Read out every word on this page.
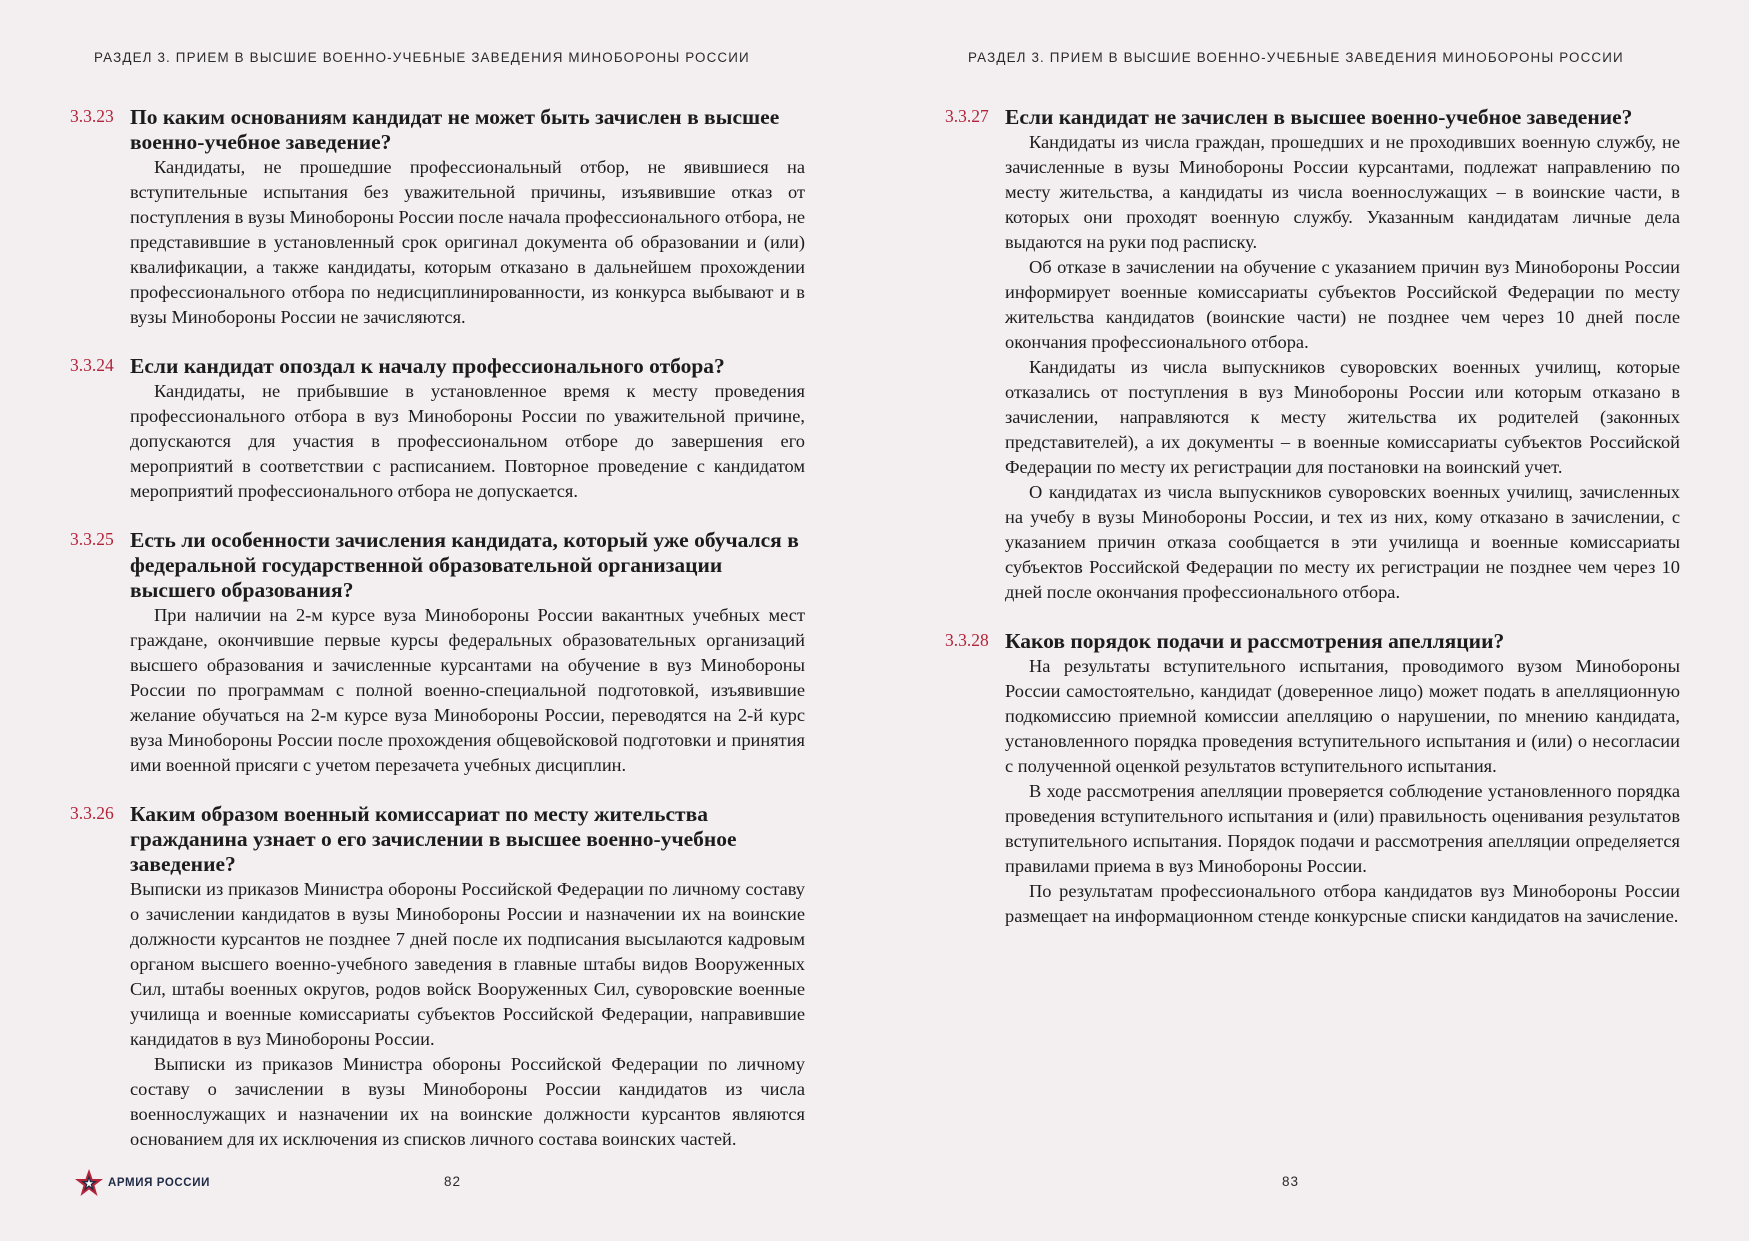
РАЗДЕЛ 3. ПРИЕМ В ВЫСШИЕ ВОЕННО-УЧЕБНЫЕ ЗАВЕДЕНИЯ МИНОБОРОНЫ РОССИИ
3.3.23 По каким основаниям кандидат не может быть зачислен в высшее военно-учебное заведение?

Кандидаты, не прошедшие профессиональный отбор, не явившиеся на вступительные испытания без уважительной причины, изъявившие отказ от поступления в вузы Минобороны России после начала профессионального отбора, не представившие в установленный срок оригинал документа об образовании и (или) квалификации, а также кандидаты, которым отказано в дальнейшем прохождении профессионального отбора по недисциплинированности, из конкурса выбывают и в вузы Минобороны России не зачисляются.

3.3.24 Если кандидат опоздал к началу профессионального отбора?

Кандидаты, не прибывшие в установленное время к месту проведения профессионального отбора в вуз Минобороны России по уважительной причине, допускаются для участия в профессиональном отборе до завершения его мероприятий в соответствии с расписанием. Повторное проведение с кандидатом мероприятий профессионального отбора не допускается.

3.3.25 Есть ли особенности зачисления кандидата, который уже обучался в федеральной государственной образовательной организации высшего образования?

При наличии на 2-м курсе вуза Минобороны России вакантных учебных мест граждане, окончившие первые курсы федеральных образовательных организаций высшего образования и зачисленные курсантами на обучение в вуз Минобороны России по программам с полной военно-специальной подготовкой, изъявившие желание обучаться на 2-м курсе вуза Минобороны России, переводятся на 2-й курс вуза Минобороны России после прохождения общевойсковой подготовки и принятия ими военной присяги с учетом перезачета учебных дисциплин.

3.3.26 Каким образом военный комиссариат по месту жительства гражданина узнает о его зачислении в высшее военно-учебное заведение?

Выписки из приказов Министра обороны Российской Федерации по личному составу о зачислении кандидатов в вузы Минобороны России и назначении их на воинские должности курсантов не позднее 7 дней после их подписания высылаются кадровым органом высшего военно-учебного заведения в главные штабы видов Вооруженных Сил, штабы военных округов, родов войск Вооруженных Сил, суворовские военные училища и военные комиссариаты субъектов Российской Федерации, направившие кандидатов в вуз Минобороны России.

Выписки из приказов Министра обороны Российской Федерации по личному составу о зачислении в вузы Минобороны России кандидатов из числа военнослужащих и назначении их на воинские должности курсантов являются основанием для их исключения из списков личного состава воинских частей.

АРМИЯ РОССИИ	82
РАЗДЕЛ 3. ПРИЕМ В ВЫСШИЕ ВОЕННО-УЧЕБНЫЕ ЗАВЕДЕНИЯ МИНОБОРОНЫ РОССИИ
3.3.27 Если кандидат не зачислен в высшее военно-учебное заведение?

Кандидаты из числа граждан, прошедших и не проходивших военную службу, не зачисленные в вузы Минобороны России курсантами, подлежат направлению по месту жительства, а кандидаты из числа военнослужащих – в воинские части, в которых они проходят военную службу. Указанным кандидатам личные дела выдаются на руки под расписку.

Об отказе в зачислении на обучение с указанием причин вуз Минобороны России информирует военные комиссариаты субъектов Российской Федерации по месту жительства кандидатов (воинские части) не позднее чем через 10 дней после окончания профессионального отбора.

Кандидаты из числа выпускников суворовских военных училищ, которые отказались от поступления в вуз Минобороны России или которым отказано в зачислении, направляются к месту жительства их родителей (законных представителей), а их документы – в военные комиссариаты субъектов Российской Федерации по месту их регистрации для постановки на воинский учет.

О кандидатах из числа выпускников суворовских военных училищ, зачисленных на учебу в вузы Минобороны России, и тех из них, кому отказано в зачислении, с указанием причин отказа сообщается в эти училища и военные комиссариаты субъектов Российской Федерации по месту их регистрации не позднее чем через 10 дней после окончания профессионального отбора.

3.3.28 Каков порядок подачи и рассмотрения апелляции?

На результаты вступительного испытания, проводимого вузом Минобороны России самостоятельно, кандидат (доверенное лицо) может подать в апелляционную подкомиссию приемной комиссии апелляцию о нарушении, по мнению кандидата, установленного порядка проведения вступительного испытания и (или) о несогласии с полученной оценкой результатов вступительного испытания.

В ходе рассмотрения апелляции проверяется соблюдение установленного порядка проведения вступительного испытания и (или) правильность оценивания результатов вступительного испытания. Порядок подачи и рассмотрения апелляции определяется правилами приема в вуз Минобороны России.

По результатам профессионального отбора кандидатов вуз Минобороны России размещает на информационном стенде конкурсные списки кандидатов на зачисление.

83
